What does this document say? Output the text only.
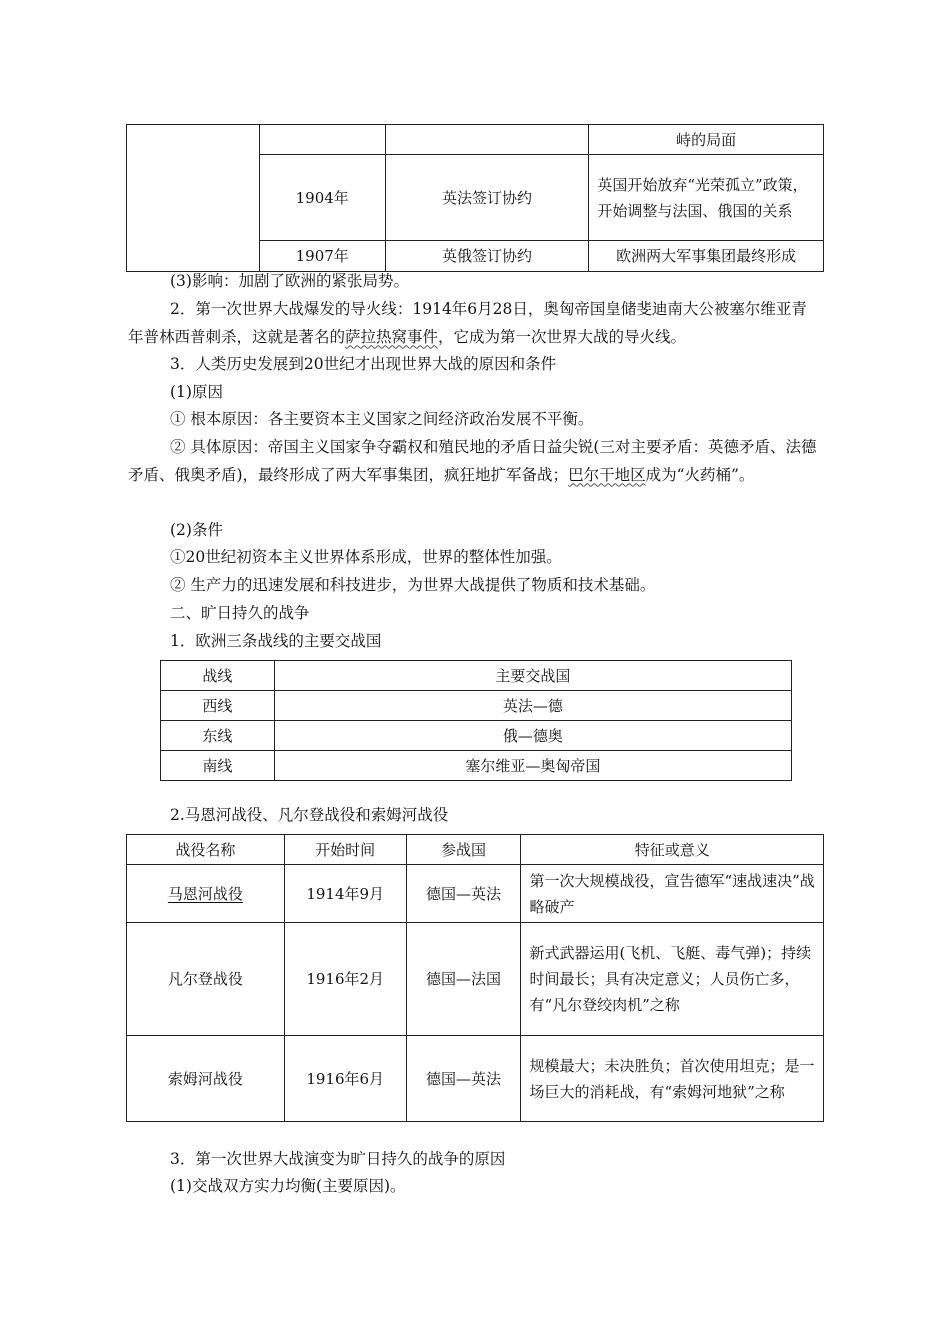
			峙的局面
	1904年	英法签订协约	英国开始放弃“光荣孤立”政策，开始调整与法国、俄国的关系
	1907年	英俄签订协约	欧洲两大军事集团最终形成

(3)影响：加剧了欧洲的紧张局势。

2．第一次世界大战爆发的导火线：1914年6月28日，奥匈帝国皇储斐迪南大公被塞尔维亚青年普林西普刺杀，这就是著名的萨拉热窝事件，它成为第一次世界大战的导火线。

3．人类历史发展到20世纪才出现世界大战的原因和条件

(1)原因

① 根本原因：各主要资本主义国家之间经济政治发展不平衡。

② 具体原因：帝国主义国家争夺霸权和殖民地的矛盾日益尖锐(三对主要矛盾：英德矛盾、法德矛盾、俄奥矛盾)，最终形成了两大军事集团，疯狂地扩军备战；巴尔干地区成为“火药桶”。

(2)条件

①20世纪初资本主义世界体系形成，世界的整体性加强。

② 生产力的迅速发展和科技进步，为世界大战提供了物质和技术基础。

二、旷日持久的战争

1．欧洲三条战线的主要交战国

战线	主要交战国
西线	英法—德
东线	俄—德奥
南线	塞尔维亚—奥匈帝国

2.马恩河战役、凡尔登战役和索姆河战役

战役名称	开始时间	参战国	特征或意义
马恩河战役	1914年9月	德国—英法	第一次大规模战役，宣告德军“速战速决”战略破产
凡尔登战役	1916年2月	德国—法国	新式武器运用(飞机、飞艇、毒气弹)；持续时间最长；具有决定意义；人员伤亡多，有“凡尔登绞肉机”之称
索姆河战役	1916年6月	德国—英法	规模最大；未决胜负；首次使用坦克；是一场巨大的消耗战，有“索姆河地狱”之称

3．第一次世界大战演变为旷日持久的战争的原因

(1)交战双方实力均衡(主要原因)。
